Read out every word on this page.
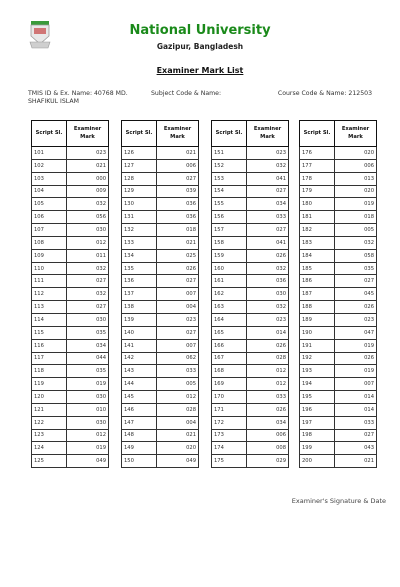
National University
Gazipur, Bangladesh
Examiner Mark List
TMIS ID & Ex. Name: 40768 MD.
SHAFIKUL ISLAM
Subject Code & Name:	Course Code & Name: 212503
Script Sl.	Examiner Mark
101	023
102	021
103	000
104	009
105	032
106	056
107	030
108	012
109	011
110	032
111	027
112	032
113	027
114	030
115	035
116	034
117	044
118	035
119	019
120	030
121	010
122	030
123	012
124	019
125	049
Script Sl.	Examiner Mark
126	021
127	006
128	027
129	039
130	036
131	036
132	018
133	021
134	025
135	026
136	027
137	007
138	004
139	023
140	027
141	007
142	062
143	033
144	005
145	012
146	028
147	004
148	021
149	020
150	049
Script Sl.	Examiner Mark
151	023
152	032
153	041
154	027
155	034
156	033
157	027
158	041
159	026
160	032
161	036
162	030
163	032
164	023
165	014
166	026
167	028
168	012
169	012
170	033
171	026
172	034
173	006
174	008
175	029
Script Sl.	Examiner Mark
176	020
177	006
178	013
179	020
180	019
181	018
182	005
183	032
184	058
185	035
186	027
187	045
188	026
189	023
190	047
191	019
192	026
193	019
194	007
195	014
196	014
197	033
198	027
199	043
200	021
Examiner's Signature & Date
